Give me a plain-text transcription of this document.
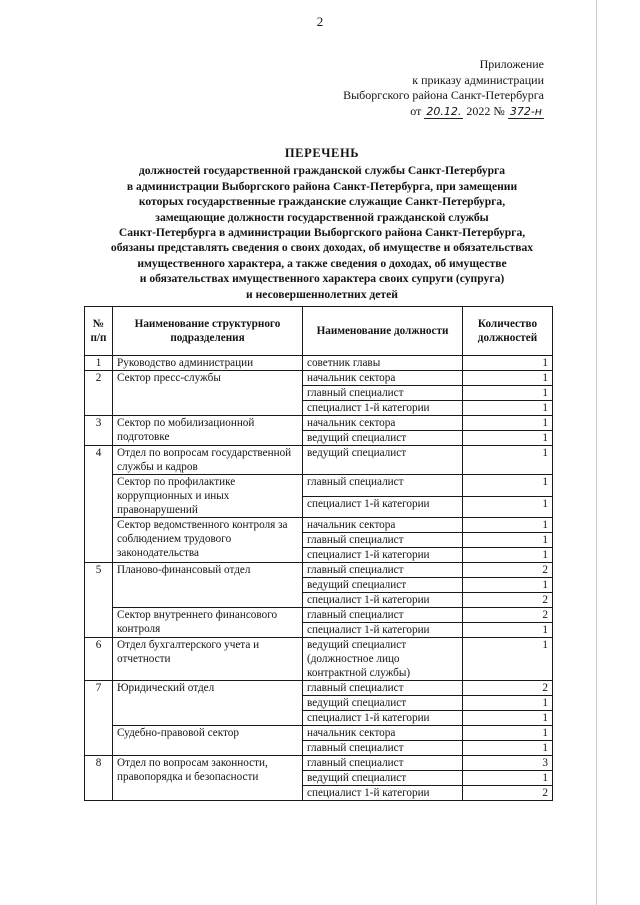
2
Приложение
к приказу администрации
Выборгского района Санкт-Петербурга
от 20.12. 2022 № 372-н
ПЕРЕЧЕНЬ
должностей государственной гражданской службы Санкт-Петербурга
в администрации Выборгского района Санкт-Петербурга, при замещении
которых государственные гражданские служащие Санкт-Петербурга,
замещающие должности государственной гражданской службы
Санкт-Петербурга в администрации Выборгского района Санкт-Петербурга,
обязаны представлять сведения о своих доходах, об имуществе и обязательствах
имущественного характера, а также сведения о доходах, об имуществе
и обязательствах имущественного характера своих супруги (супруга)
и несовершеннолетних детей
№ п/п	Наименование структурного подразделения	Наименование должности	Количество должностей
1	Руководство администрации	советник главы	1
2	Сектор пресс-службы	начальник сектора	1
		главный специалист	1
		специалист 1-й категории	1
3	Сектор по мобилизационной подготовке	начальник сектора	1
		ведущий специалист	1
4	Отдел по вопросам государственной службы и кадров	ведущий специалист	1
	Сектор по профилактике коррупционных и иных правонарушений	главный специалист	1
		специалист 1-й категории	1
	Сектор ведомственного контроля за соблюдением трудового законодательства	начальник сектора	1
		главный специалист	1
		специалист 1-й категории	1
5	Планово-финансовый отдел	главный специалист	2
		ведущий специалист	1
		специалист 1-й категории	2
	Сектор внутреннего финансового контроля	главный специалист	2
		специалист 1-й категории	1
6	Отдел бухгалтерского учета и отчетности	ведущий специалист (должностное лицо контрактной службы)	1
7	Юридический отдел	главный специалист	2
		ведущий специалист	1
		специалист 1-й категории	1
	Судебно-правовой сектор	начальник сектора	1
		главный специалист	1
8	Отдел по вопросам законности, правопорядка и безопасности	главный специалист	3
		ведущий специалист	1
		специалист 1-й категории	2
